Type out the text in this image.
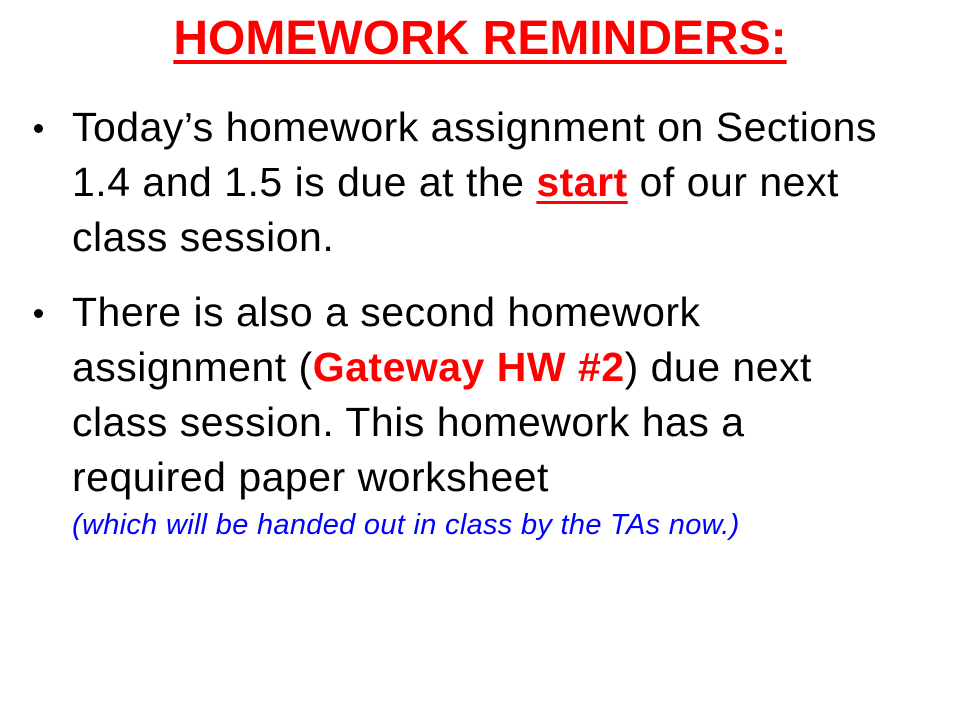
HOMEWORK REMINDERS:
Today’s homework assignment on Sections 1.4 and 1.5 is due at the start of our next class session.
There is also a second homework assignment (Gateway HW #2) due next class session. This homework has a required paper worksheet
(which will be handed out in class by the TAs now.)
